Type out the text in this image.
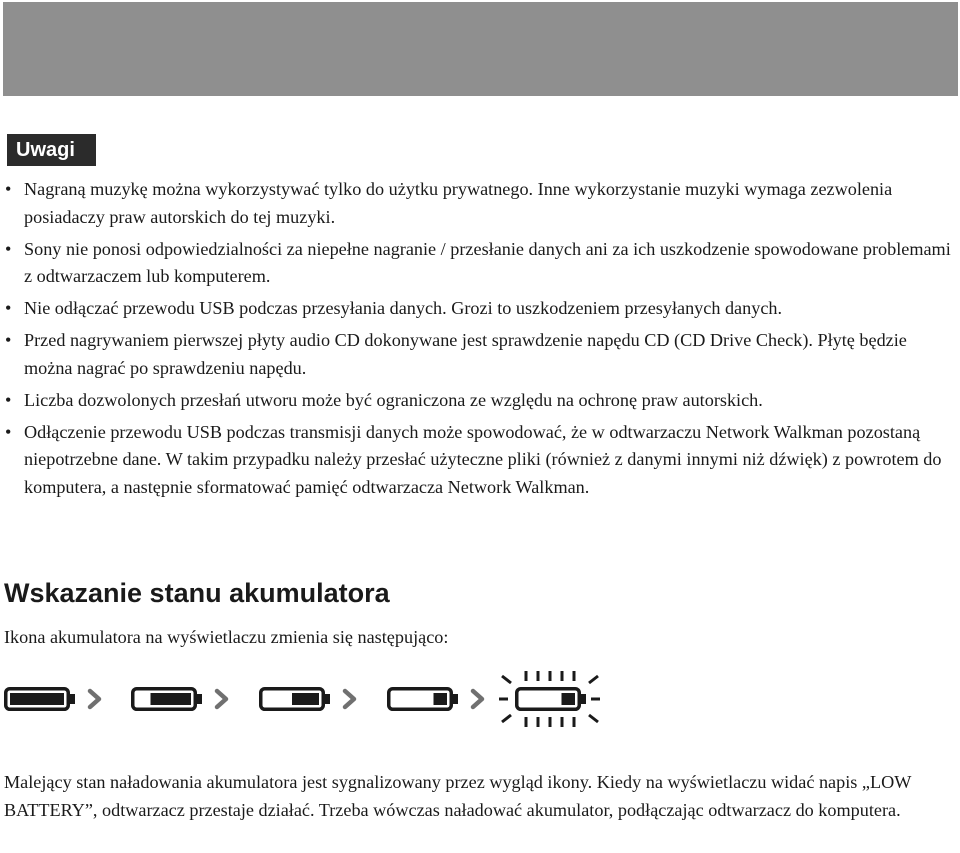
Uwagi
• Nagraną muzykę można wykorzystywać tylko do użytku prywatnego. Inne wykorzystanie muzyki wymaga zezwolenia posiadaczy praw autorskich do tej muzyki.
• Sony nie ponosi odpowiedzialności za niepełne nagranie / przesłanie danych ani za ich uszkodzenie spowodowane problemami z odtwarzaczem lub komputerem.
• Nie odłączać przewodu USB podczas przesyłania danych. Grozi to uszkodzeniem przesyłanych danych.
• Przed nagrywaniem pierwszej płyty audio CD dokonywane jest sprawdzenie napędu CD (CD Drive Check). Płytę będzie można nagrać po sprawdzeniu napędu.
• Liczba dozwolonych przesłań utworu może być ograniczona ze względu na ochronę praw autorskich.
• Odłączenie przewodu USB podczas transmisji danych może spowodować, że w odtwarzaczu Network Walkman pozostaną niepotrzebne dane. W takim przypadku należy przesłać użyteczne pliki (również z danymi innymi niż dźwięk) z powrotem do komputera, a następnie sformatować pamięć odtwarzacza Network Walkman.
Wskazanie stanu akumulatora

Ikona akumulatora na wyświetlaczu zmienia się następująco:

Malejący stan naładowania akumulatora jest sygnalizowany przez wygląd ikony. Kiedy na wyświetlaczu widać napis „LOW BATTERY”, odtwarzacz przestaje działać. Trzeba wówczas naładować akumulator, podłączając odtwarzacz do komputera.
